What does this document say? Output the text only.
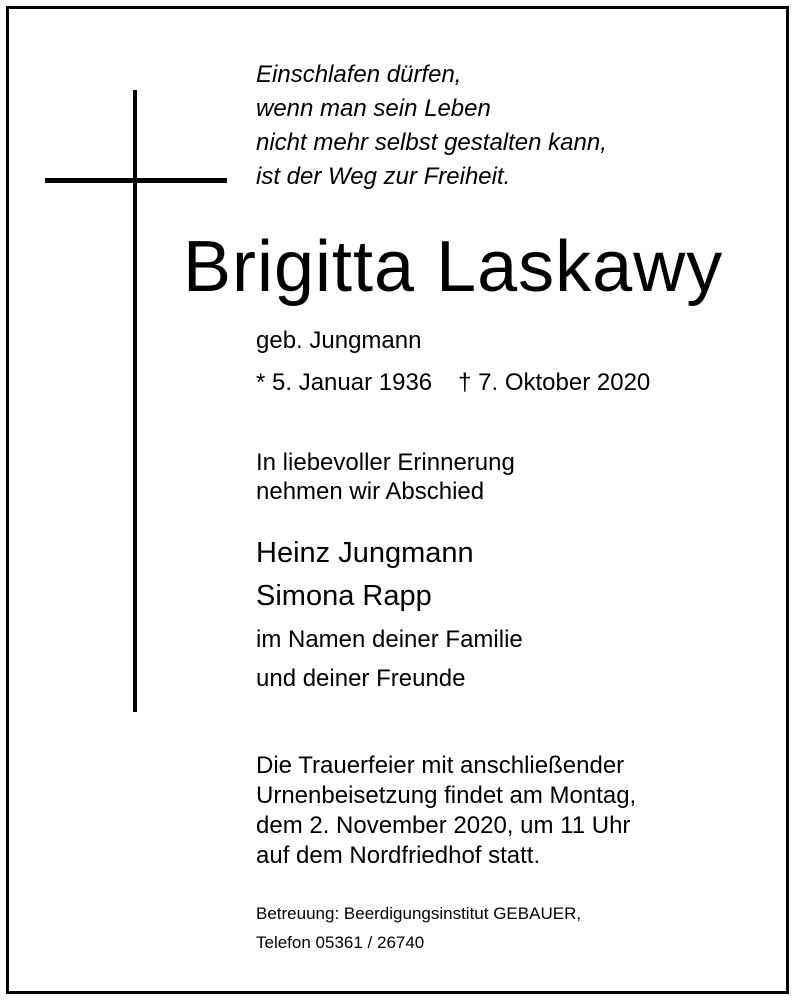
Einschlafen dürfen,
wenn man sein Leben
nicht mehr selbst gestalten kann,
ist der Weg zur Freiheit.
Brigitta Laskawy
geb. Jungmann
* 5. Januar 1936 † 7. Oktober 2020
In liebevoller Erinnerung
nehmen wir Abschied
Heinz Jungmann
Simona Rapp
im Namen deiner Familie
und deiner Freunde
Die Trauerfeier mit anschließender
Urnenbeisetzung findet am Montag,
dem 2. November 2020, um 11 Uhr
auf dem Nordfriedhof statt.
Betreuung: Beerdigungsinstitut GEBAUER,
Telefon 05361 / 26740
